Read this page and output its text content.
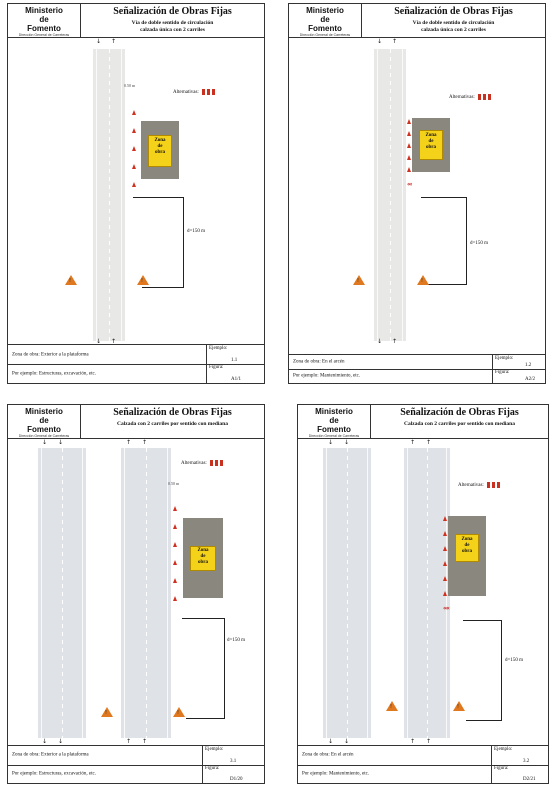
Ministerio
de
Fomento
Dirección General de Carreteras
Señalización de Obras Fijas
Vía de doble sentido de circulación
calzada única con 2 carriles
↓ ↑
↓ ↑
0.50 m
Alternativas:
Zona
de
obra
d=150 m
!	!
Zona de obra: Exterior a la plataforma
Ejemplo:
1.1
Por ejemplo: Estructuras, excavación, etc.
Figura:
A1/1
Ministerio
de
Fomento
Dirección General de Carreteras
Señalización de Obras Fijas
Vía de doble sentido de circulación
calzada única con 2 carriles
↓ ↑
↓ ↑
Alternativas:
Zona
de
obra
‹‹‹
d=150 m
!	!
Zona de obra: En el arcén
Ejemplo:
1.2
Por ejemplo: Mantenimiento, etc.
Figura:
A2/2
Ministerio
de
Fomento
Dirección General de Carreteras
Señalización de Obras Fijas
Calzada con 2 carriles por sentido con mediana
↓ ↓	↑ ↑
↓ ↓	↑ ↑
Alternativas:
0.50 m
Zona
de
obra
d=150 m
!	!
Zona de obra: Exterior a la plataforma
Ejemplo:
3.1
Por ejemplo: Estructuras, excavación, etc.
Figura:
D1/20
Ministerio
de
Fomento
Dirección General de Carreteras
Señalización de Obras Fijas
Calzada con 2 carriles por sentido con mediana
↓ ↓	↑ ↑
↓ ↓	↑ ↑
Alternativas:
Zona
de
obra
‹‹‹‹
d=150 m
!	!
Zona de obra: En el arcén
Ejemplo:
3.2
Por ejemplo: Mantenimiento, etc.
Figura:
D2/21
